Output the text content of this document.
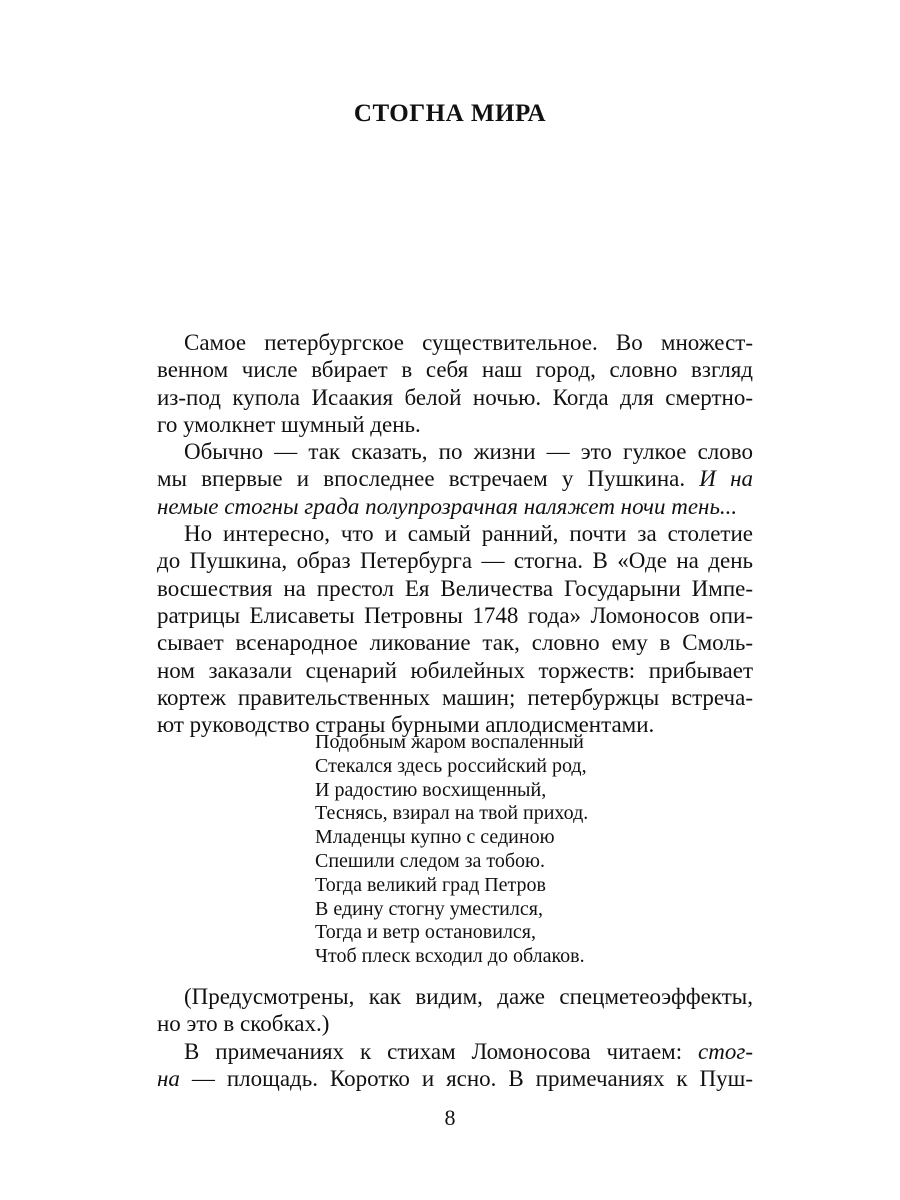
СТОГНА МИРА
Самое петербургское существительное. Во множест-
венном числе вбирает в себя наш город, словно взгляд
из-под купола Исаакия белой ночью. Когда для смертно-
го умолкнет шумный день.
Обычно — так сказать, по жизни — это гулкое слово
мы впервые и впоследнее встречаем у Пушкина. И на
немые стогны града полупрозрачная наляжет ночи тень...
Но интересно, что и самый ранний, почти за столетие
до Пушкина, образ Петербурга — стогна. В «Оде на день
восшествия на престол Ея Величества Государыни Импе-
ратрицы Елисаветы Петровны 1748 года» Ломоносов опи-
сывает всенародное ликование так, словно ему в Смоль-
ном заказали сценарий юбилейных торжеств: прибывает
кортеж правительственных машин; петербуржцы встреча-
ют руководство страны бурными аплодисментами.
Подобным жаром воспаленный
Стекался здесь российский род,
И радостию восхищенный,
Теснясь, взирал на твой приход.
Младенцы купно с сединою
Спешили следом за тобою.
Тогда великий град Петров
В едину стогну уместился,
Тогда и ветр остановился,
Чтоб плеск всходил до облаков.
(Предусмотрены, как видим, даже спецметеоэффекты,
но это в скобках.)
В примечаниях к стихам Ломоносова читаем: стог-
на — площадь. Коротко и ясно. В примечаниях к Пуш-
8
